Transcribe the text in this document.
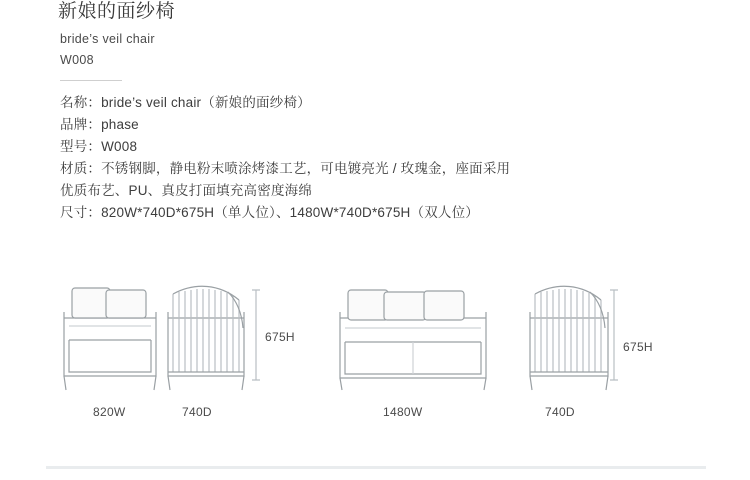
新娘的面纱椅
bride’s veil chair
W008
名称：bride’s veil chair（新娘的面纱椅）
品牌：phase
型号：W008
材质：不锈钢脚，静电粉末喷涂烤漆工艺，可电镀亮光 / 玫瑰金，座面采用
优质布艺、PU、真皮打面填充高密度海绵
尺寸：820W*740D*675H（单人位）、1480W*740D*675H（双人位）
675H
820W	740D	1480W
675H
740D
